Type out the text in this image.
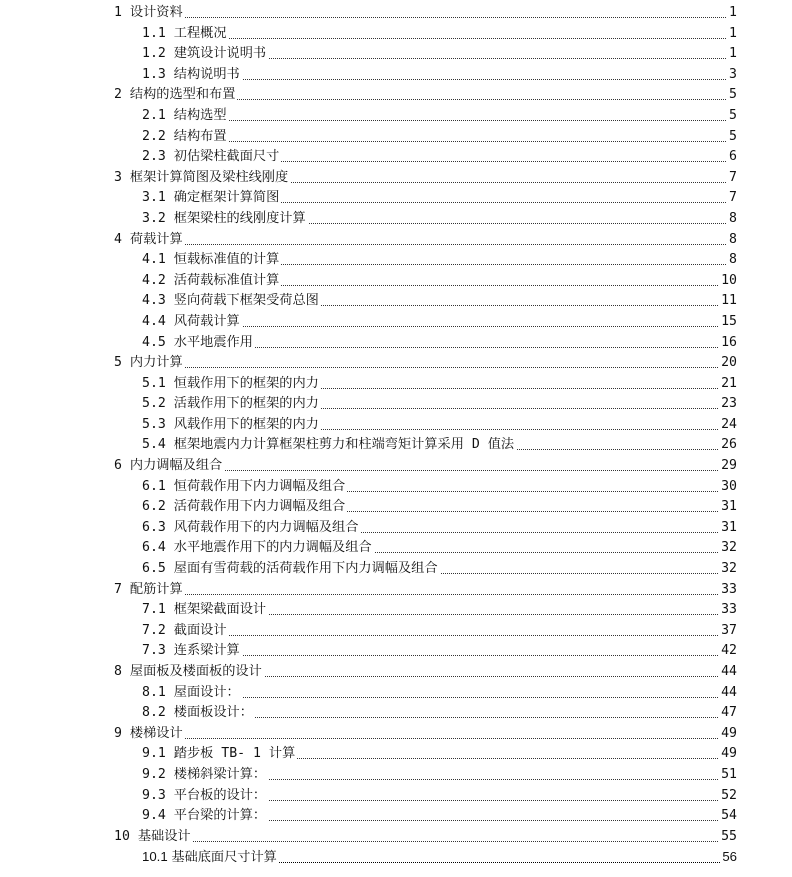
1 设计资料	1
1.1 工程概况	1
1.2 建筑设计说明书	1
1.3 结构说明书	3
2 结构的选型和布置	5
2.1 结构选型	5
2.2 结构布置	5
2.3 初估梁柱截面尺寸	6
3 框架计算简图及梁柱线刚度	7
3.1 确定框架计算简图	7
3.2 框架梁柱的线刚度计算	8
4 荷载计算	8
4.1 恒载标准值的计算	8
4.2 活荷载标准值计算	10
4.3 竖向荷载下框架受荷总图	11
4.4 风荷载计算	15
4.5 水平地震作用	16
5 内力计算	20
5.1 恒载作用下的框架的内力	21
5.2 活载作用下的框架的内力	23
5.3 风载作用下的框架的内力	24
5.4 框架地震内力计算框架柱剪力和柱端弯矩计算采用 D 值法	26
6 内力调幅及组合	29
6.1 恒荷载作用下内力调幅及组合	30
6.2 活荷载作用下内力调幅及组合	31
6.3 风荷载作用下的内力调幅及组合	31
6.4 水平地震作用下的内力调幅及组合	32
6.5 屋面有雪荷载的活荷载作用下内力调幅及组合	32
7 配筋计算	33
7.1 框架梁截面设计	33
7.2 截面设计	37
7.3 连系梁计算	42
8 屋面板及楼面板的设计	44
8.1 屋面设计：	44
8.2 楼面板设计：	47
9 楼梯设计	49
9.1 踏步板 TB- 1 计算	49
9.2 楼梯斜梁计算：	51
9.3 平台板的设计：	52
9.4 平台梁的计算：	54
10 基础设计	55
10.1 基础底面尺寸计算	56
